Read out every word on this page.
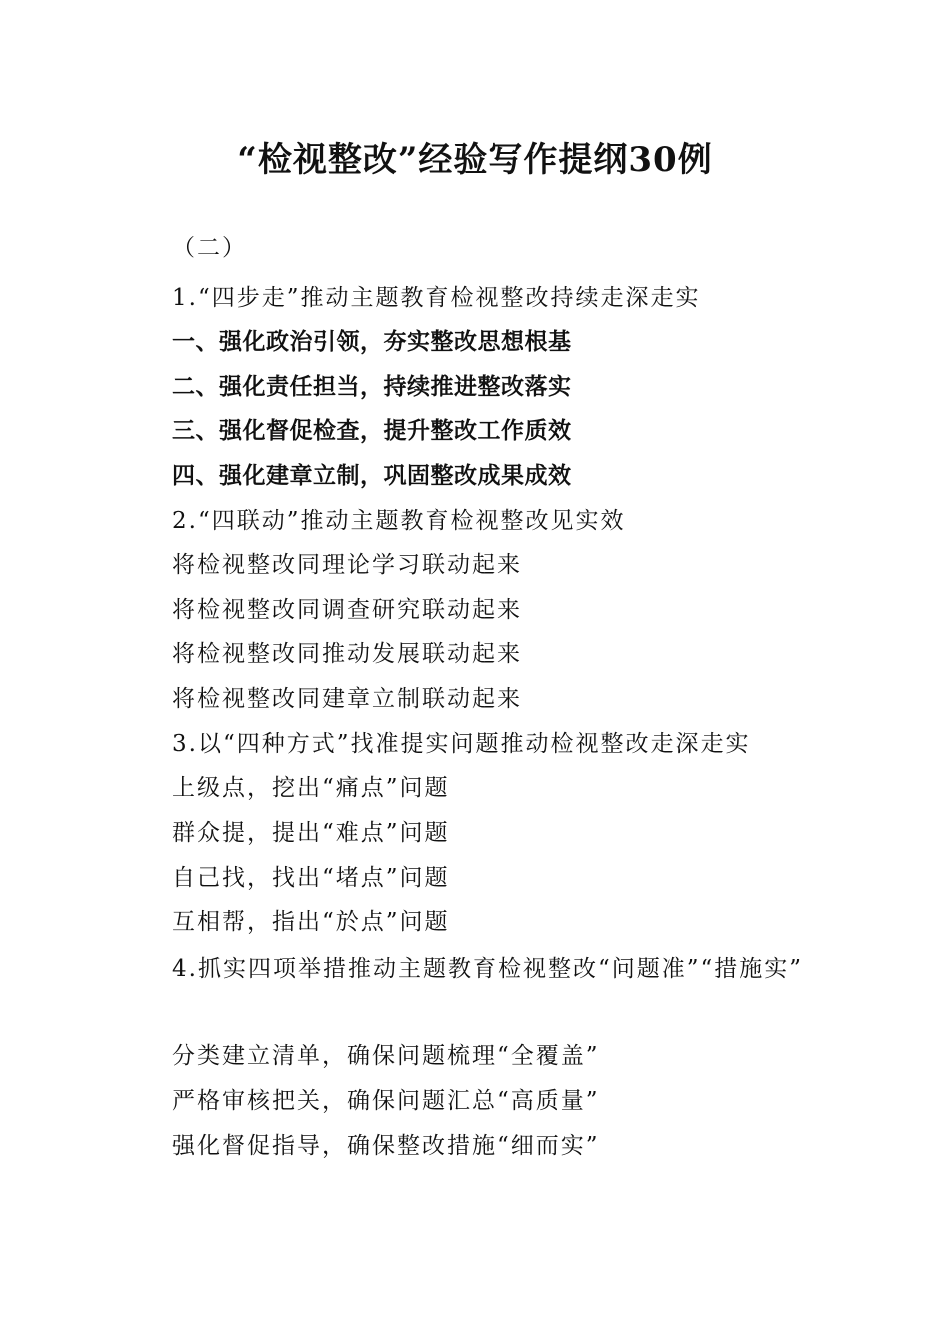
“检视整改”经验写作提纲30例
（二）
1.“四步走”推动主题教育检视整改持续走深走实
一、强化政治引领，夯实整改思想根基
二、强化责任担当，持续推进整改落实
三、强化督促检查，提升整改工作质效
四、强化建章立制，巩固整改成果成效
2.“四联动”推动主题教育检视整改见实效
将检视整改同理论学习联动起来
将检视整改同调查研究联动起来
将检视整改同推动发展联动起来
将检视整改同建章立制联动起来
3.以“四种方式”找准提实问题推动检视整改走深走实
上级点，挖出“痛点”问题
群众提，提出“难点”问题
自己找，找出“堵点”问题
互相帮，指出“於点”问题
4.抓实四项举措推动主题教育检视整改“问题准”“措施实”
分类建立清单，确保问题梳理“全覆盖”
严格审核把关，确保问题汇总“高质量”
强化督促指导，确保整改措施“细而实”
